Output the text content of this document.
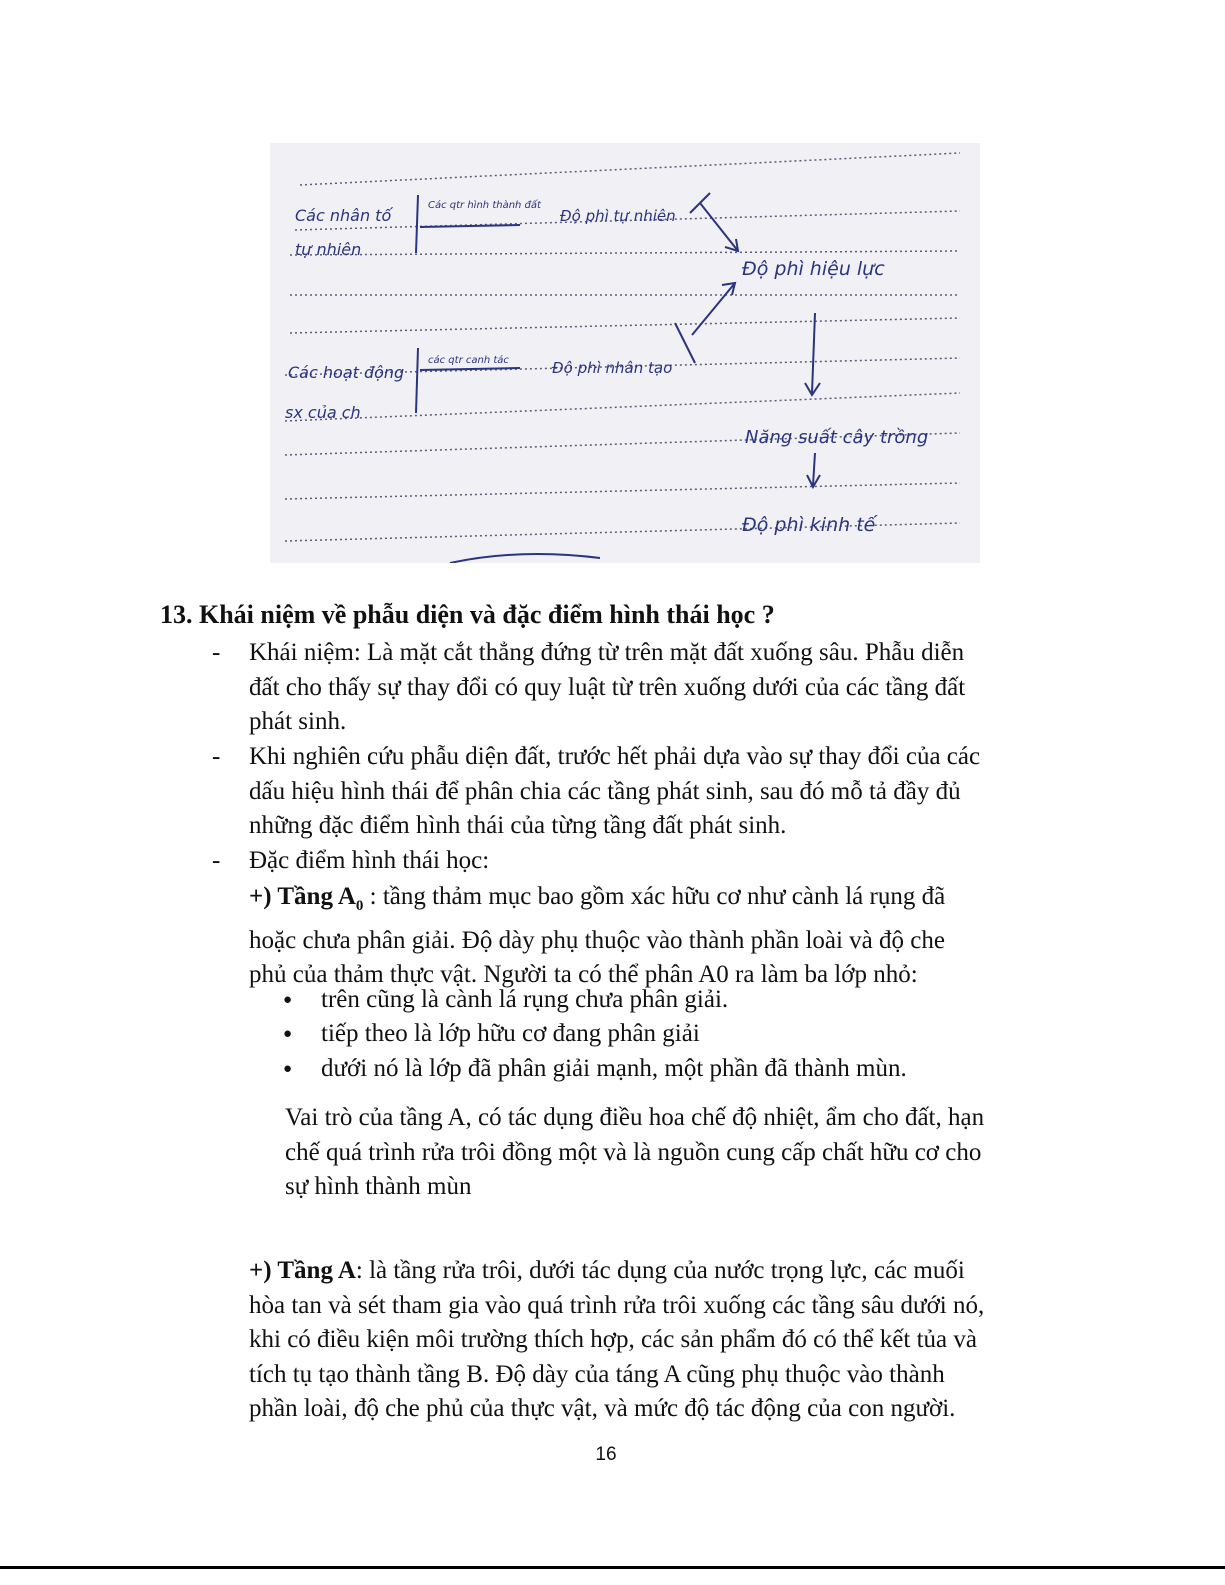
Các nhân tố
tự nhiên
Các qtr hình thành đất
Độ phì tự nhiên
Độ phì hiệu lực
Các hoạt động
sx của ch
các qtr canh tác	Độ phì nhân tạo
Năng suất cây trồng
Độ phì kinh tế
13. Khái niệm về phẫu diện và đặc điểm hình thái học ?
- Khái niệm: Là mặt cắt thẳng đứng từ trên mặt đất xuống sâu. Phẫu diễn
đất cho thấy sự thay đổi có quy luật từ trên xuống dưới của các tầng đất
phát sinh.
- Khi nghiên cứu phẫu diện đất, trước hết phải dựa vào sự thay đổi của các
dấu hiệu hình thái để phân chia các tầng phát sinh, sau đó mỗ tả đầy đủ
những đặc điểm hình thái của từng tầng đất phát sinh.
- Đặc điểm hình thái học:
+) Tầng $A_0$ : tầng thảm mục bao gồm xác hữu cơ như cành lá rụng đã
hoặc chưa phân giải. Độ dày phụ thuộc vào thành phần loài và độ che
phủ của thảm thực vật. Người ta có thể phân A0 ra làm ba lớp nhỏ:
●	trên cũng là cành lá rụng chưa phân giải.
●	tiếp theo là lớp hữu cơ đang phân giải
●	dưới nó là lớp đã phân giải mạnh, một phần đã thành mùn.
Vai trò của tầng A, có tác dụng điều hoa chế độ nhiệt, ẩm cho đất, hạn
chế quá trình rửa trôi đồng một và là nguồn cung cấp chất hữu cơ cho
sự hình thành mùn
+) Tầng A: là tầng rửa trôi, dưới tác dụng của nước trọng lực, các muối
hòa tan và sét tham gia vào quá trình rửa trôi xuống các tầng sâu dưới nó,
khi có điều kiện môi trường thích hợp, các sản phẩm đó có thể kết tủa và
tích tụ tạo thành tầng B. Độ dày của táng A cũng phụ thuộc vào thành
phần loài, độ che phủ của thực vật, và mức độ tác động của con người.
16
